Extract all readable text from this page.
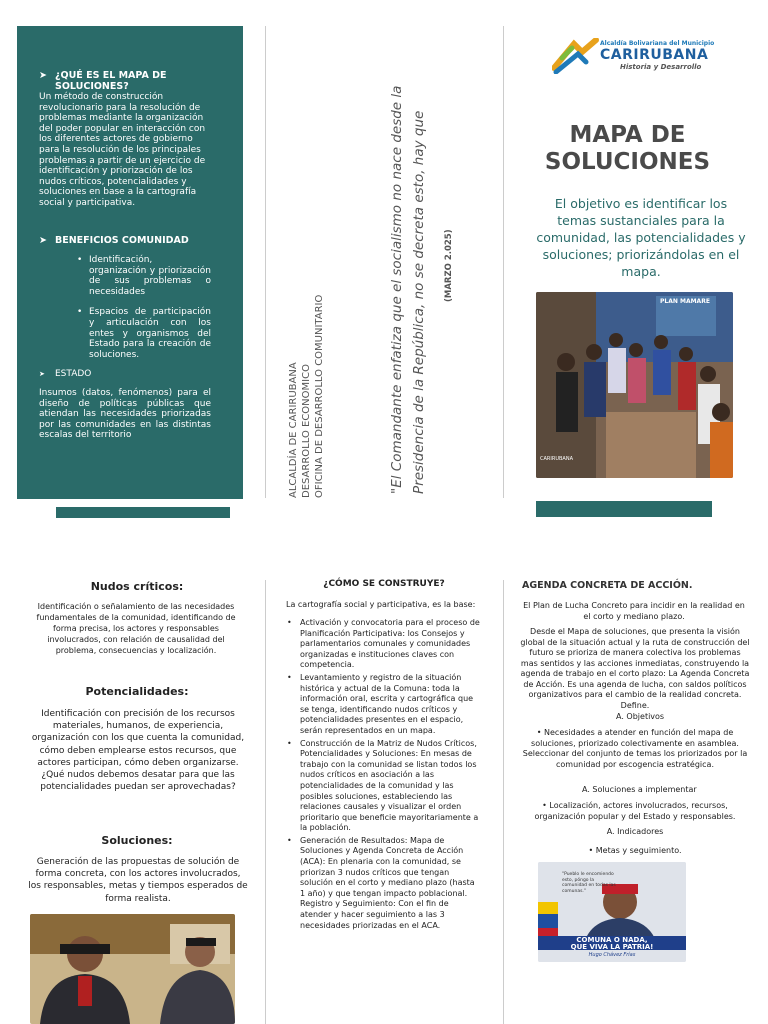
➤ ¿QUÉ ES EL MAPA DE SOLUCIONES?
Un método de construcción revolucionario para la resolución de problemas mediante la organización del poder popular en interacción con los diferentes actores de gobierno para la resolución de los principales problemas a partir de un ejercicio de identificación y priorización de los nudos críticos, potencialidades y soluciones en base a la cartografía social y participativa.
➤ BENEFICIOS COMUNIDAD
• Identificación, organización y priorización de sus problemas o necesidades
• Espacios de participación y articulación con los entes y organismos del Estado para la creación de soluciones.
➤ ESTADO
Insumos (datos, fenómenos) para el diseño de políticas públicas que atiendan las necesidades priorizadas por las comunidades en las distintas escalas del territorio	ALCALDÍA DE CARIRUBANA DESARROLLO ECONOMICO OFICINA DE DESARROLLO COMUNITARIO	"El Comandante enfatiza que el socialismo no nace desde la Presidencia de la República, no se decreta esto, hay que	(MARZO 2.025)
Alcaldía Bolivariana del Municipio
CARIRUBANA
Historia y Desarrollo
MAPA DE
SOLUCIONES
El objetivo es identificar los temas sustanciales para la comunidad, las potencialidades y soluciones; priorizándolas en el mapa.
PLAN MAMARE
CARIRUBANA
Nudos críticos:
Identificación o señalamiento de las necesidades fundamentales de la comunidad, identificando de forma precisa, los actores y responsables involucrados, con relación de causalidad del problema, consecuencias y localización.
Potencialidades:
Identificación con precisión de los recursos materiales, humanos, de experiencia, organización con los que cuenta la comunidad, cómo deben emplearse estos recursos, que actores participan, cómo deben organizarse. ¿Qué nudos debemos desatar para que las potencialidades puedan ser aprovechadas?
Soluciones:
Generación de las propuestas de solución de forma concreta, con los actores involucrados, los responsables, metas y tiempos esperados de forma realista.
¿CÓMO SE CONSTRUYE?
La cartografía social y participativa, es la base:
• Activación y convocatoria para el proceso de Planificación Participativa: los Consejos y parlamentarios comunales y comunidades organizadas e instituciones claves con competencia.
• Levantamiento y registro de la situación histórica y actual de la Comuna: toda la información oral, escrita y cartográfica que se tenga, identificando nudos críticos y potencialidades presentes en el espacio, serán representados en un mapa.
• Construcción de la Matriz de Nudos Críticos, Potencialidades y Soluciones: En mesas de trabajo con la comunidad se listan todos los nudos críticos en asociación a las potencialidades de la comunidad y las posibles soluciones, estableciendo las relaciones causales y visualizar el orden prioritario que beneficie mayoritariamente a la población.
• Generación de Resultados: Mapa de Soluciones y Agenda Concreta de Acción (ACA): En plenaria con la comunidad, se priorizan 3 nudos críticos que tengan solución en el corto y mediano plazo (hasta 1 año) y que tengan impacto poblacional. Registro y Seguimiento: Con el fin de atender y hacer seguimiento a las 3 necesidades priorizadas en el ACA.
AGENDA CONCRETA DE ACCIÓN.
El Plan de Lucha Concreto para incidir en la realidad en el corto y mediano plazo.
Desde el Mapa de soluciones, que presenta la visión global de la situación actual y la ruta de construcción del futuro se prioriza de manera colectiva los problemas mas sentidos y las acciones inmediatas, construyendo la agenda de trabajo en el corto plazo: La Agenda Concreta de Acción. Es una agenda de lucha, con saldos políticos organizativos para el cambio de la realidad concreta. Define.
A. Objetivos
• Necesidades a atender en función del mapa de soluciones, priorizado colectivamente en asamblea. Seleccionar del conjunto de temas los priorizados por la comunidad por escogencia estratégica.
A. Soluciones a implementar
• Localización, actores involucrados, recursos, organización popular y del Estado y responsables.
A. Indicadores
• Metas y seguimiento.
"Pueblo le encomiendo esto, póngo la comunidad en todas las comunas."
COMUNA O NADA,
QUE VIVA LA PATRIA!
Hugo Chávez Frías
